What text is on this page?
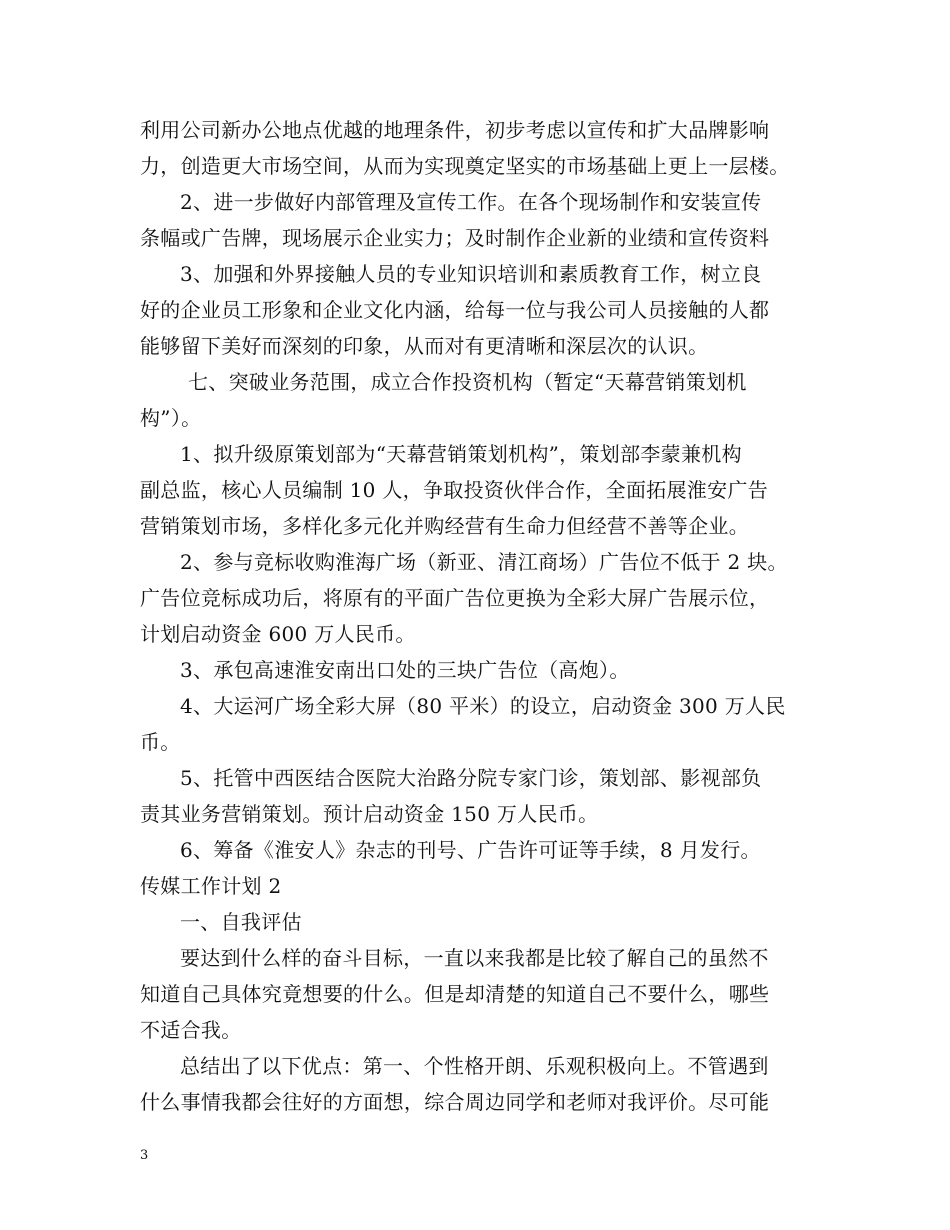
利用公司新办公地点优越的地理条件，初步考虑以宣传和扩大品牌影响
力，创造更大市场空间，从而为实现奠定坚实的市场基础上更上一层楼。
2、进一步做好内部管理及宣传工作。在各个现场制作和安装宣传
条幅或广告牌，现场展示企业实力；及时制作企业新的业绩和宣传资料
3、加强和外界接触人员的专业知识培训和素质教育工作，树立良
好的企业员工形象和企业文化内涵，给每一位与我公司人员接触的人都
能够留下美好而深刻的印象，从而对有更清晰和深层次的认识。
七、突破业务范围，成立合作投资机构（暂定“天幕营销策划机
构”）。
1、拟升级原策划部为“天幕营销策划机构”，策划部李蒙兼机构
副总监，核心人员编制 10 人，争取投资伙伴合作，全面拓展淮安广告
营销策划市场，多样化多元化并购经营有生命力但经营不善等企业。
2、参与竞标收购淮海广场（新亚、清江商场）广告位不低于 2 块。
广告位竞标成功后，将原有的平面广告位更换为全彩大屏广告展示位，
计划启动资金 600 万人民币。
3、承包高速淮安南出口处的三块广告位（高炮）。
4、大运河广场全彩大屏（80 平米）的设立，启动资金 300 万人民
币。
5、托管中西医结合医院大治路分院专家门诊，策划部、影视部负
责其业务营销策划。预计启动资金 150 万人民币。
6、筹备《淮安人》杂志的刊号、广告许可证等手续，8 月发行。
传媒工作计划 2
一、自我评估
要达到什么样的奋斗目标，一直以来我都是比较了解自己的虽然不
知道自己具体究竟想要的什么。但是却清楚的知道自己不要什么，哪些
不适合我。
总结出了以下优点：第一、个性格开朗、乐观积极向上。不管遇到
什么事情我都会往好的方面想，综合周边同学和老师对我评价。尽可能
3
